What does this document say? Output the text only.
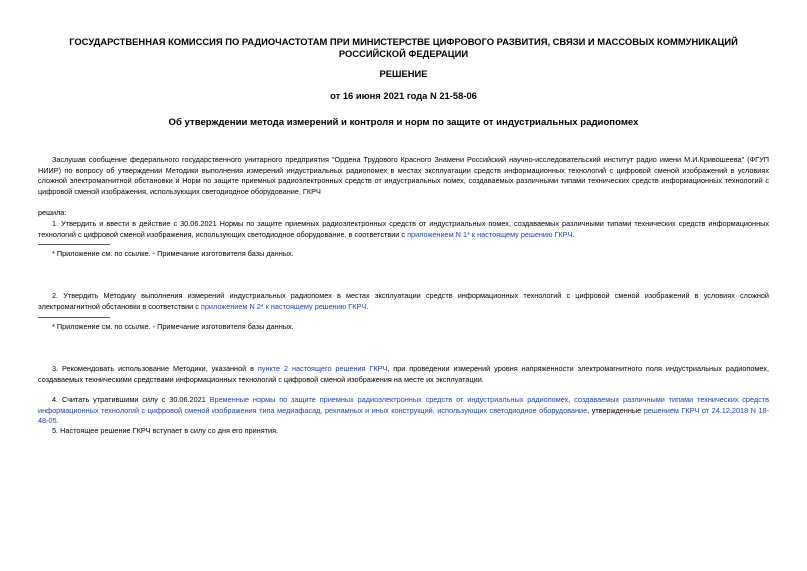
ГОСУДАРСТВЕННАЯ КОМИССИЯ ПО РАДИОЧАСТОТАМ ПРИ МИНИСТЕРСТВЕ ЦИФРОВОГО РАЗВИТИЯ, СВЯЗИ И МАССОВЫХ КОММУНИКАЦИЙ РОССИЙСКОЙ ФЕДЕРАЦИИ
РЕШЕНИЕ
от 16 июня 2021 года N 21-58-06
Об утверждении метода измерений и контроля и норм по защите от индустриальных радиопомех

Заслушав сообщение федерального государственного унитарного предприятия "Ордена Трудового Красного Знамени Российский научно-исследовательский институт радио имени М.И.Кривошеева" (ФГУП НИИР) по вопросу об утверждении Методики выполнения измерений индустриальных радиопомех в местах эксплуатации средств информационных технологий с цифровой сменой изображений в условиях сложной электромагнитной обстановки и Норм по защите приемных радиоэлектронных средств от индустриальных помех, создаваемых различными типами технических средств информационных технологий с цифровой сменой изображения, использующих светодиодное оборудование, ГКРЧ

решила:

1. Утвердить и ввести в действие с 30.06.2021 Нормы по защите приемных радиоэлектронных средств от индустриальных помех, создаваемых различными типами технических средств информационных технологий с цифровой сменой изображения, использующих светодиодное оборудование, в соответствии с приложением N 1* к настоящему решению ГКРЧ.

* Приложение см. по ссылке. - Примечание изготовителя базы данных.

2. Утвердить Методику выполнения измерений индустриальных радиопомех в местах эксплуатации средств информационных технологий с цифровой сменой изображений в условиях сложной электромагнитной обстановки в соответствии с приложением N 2* к настоящему решению ГКРЧ.

* Приложение см. по ссылке. - Примечание изготовителя базы данных.

3. Рекомендовать использование Методики, указанной в пункте 2 настоящего решения ГКРЧ, при проведении измерений уровня напряженности электромагнитного поля индустриальных радиопомех, создаваемых техническими средствами информационных технологий с цифровой сменой изображения на месте их эксплуатации.

4. Считать утратившими силу с 30.06.2021 Временные нормы по защите приемных радиоэлектронных средств от индустриальных радиопомех, создаваемых различными типами технических средств информационных технологий с цифровой сменой изображения типа медиафасад, рекламных и иных конструкций, использующих светодиодное оборудование, утвержденные решением ГКРЧ от 24.12.2018 N 18-48-05.

5. Настоящее решение ГКРЧ вступает в силу со дня его принятия.
